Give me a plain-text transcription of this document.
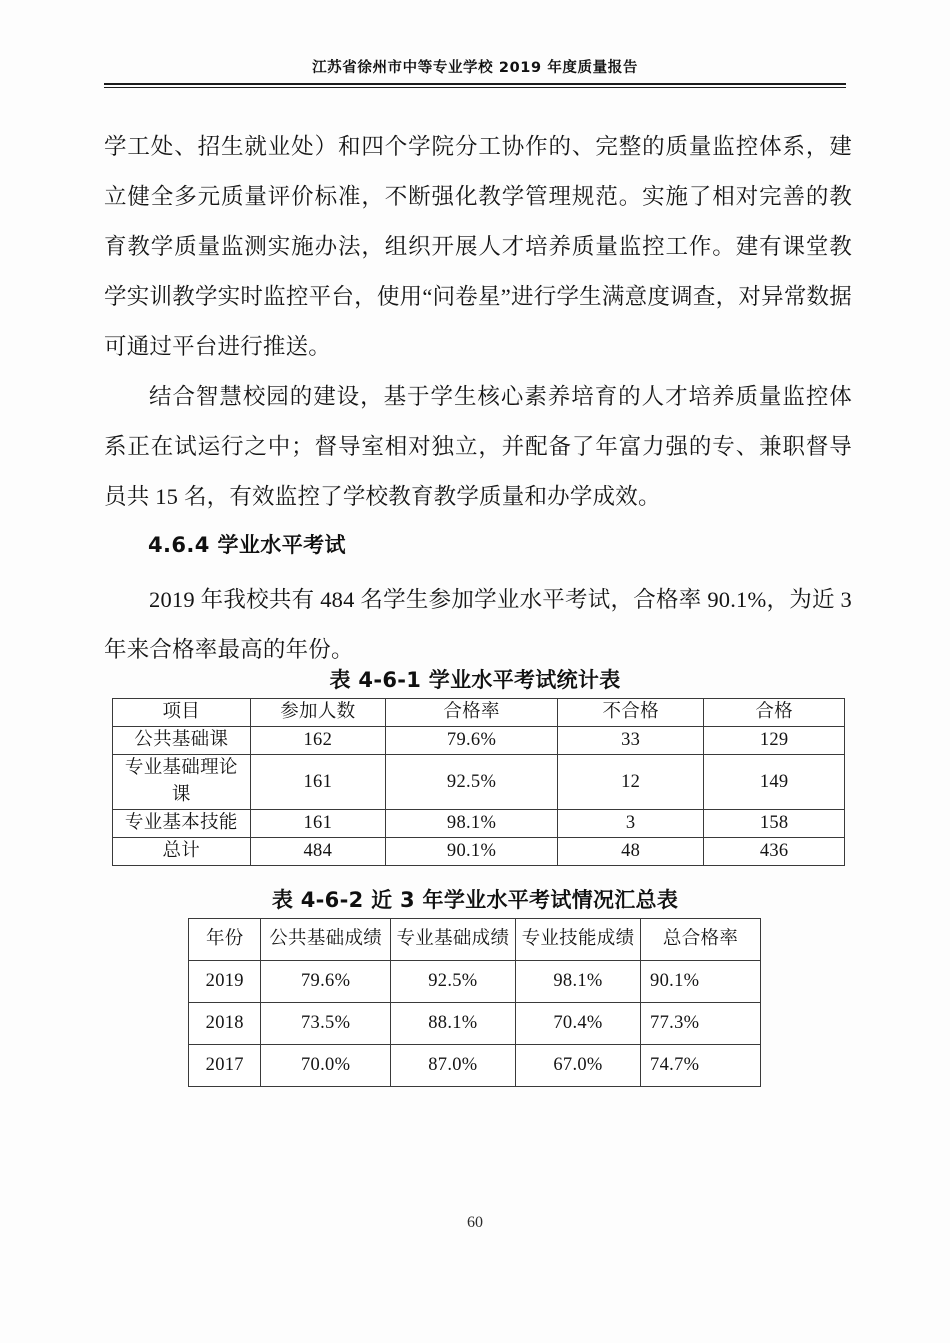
江苏省徐州市中等专业学校 2019 年度质量报告

学工处、招生就业处）和四个学院分工协作的、完整的质量监控体系，建立健全多元质量评价标准，不断强化教学管理规范。实施了相对完善的教育教学质量监测实施办法，组织开展人才培养质量监控工作。建有课堂教学实训教学实时监控平台，使用“问卷星”进行学生满意度调查，对异常数据可通过平台进行推送。

结合智慧校园的建设，基于学生核心素养培育的人才培养质量监控体系正在试运行之中；督导室相对独立，并配备了年富力强的专、兼职督导员共 15 名，有效监控了学校教育教学质量和办学成效。

4.6.4 学业水平考试

2019 年我校共有 484 名学生参加学业水平考试，合格率 90.1%，为近 3 年来合格率最高的年份。

表 4-6-1 学业水平考试统计表
项目	参加人数	合格率	不合格	合格
公共基础课	162	79.6%	33	129
专业基础理论课	161	92.5%	12	149
专业基本技能	161	98.1%	3	158
总计	484	90.1%	48	436
表 4-6-2 近 3 年学业水平考试情况汇总表
年份	公共基础成绩	专业基础成绩	专业技能成绩	总合格率
2019	79.6%	92.5%	98.1%	90.1%
2018	73.5%	88.1%	70.4%	77.3%
2017	70.0%	87.0%	67.0%	74.7%
60
